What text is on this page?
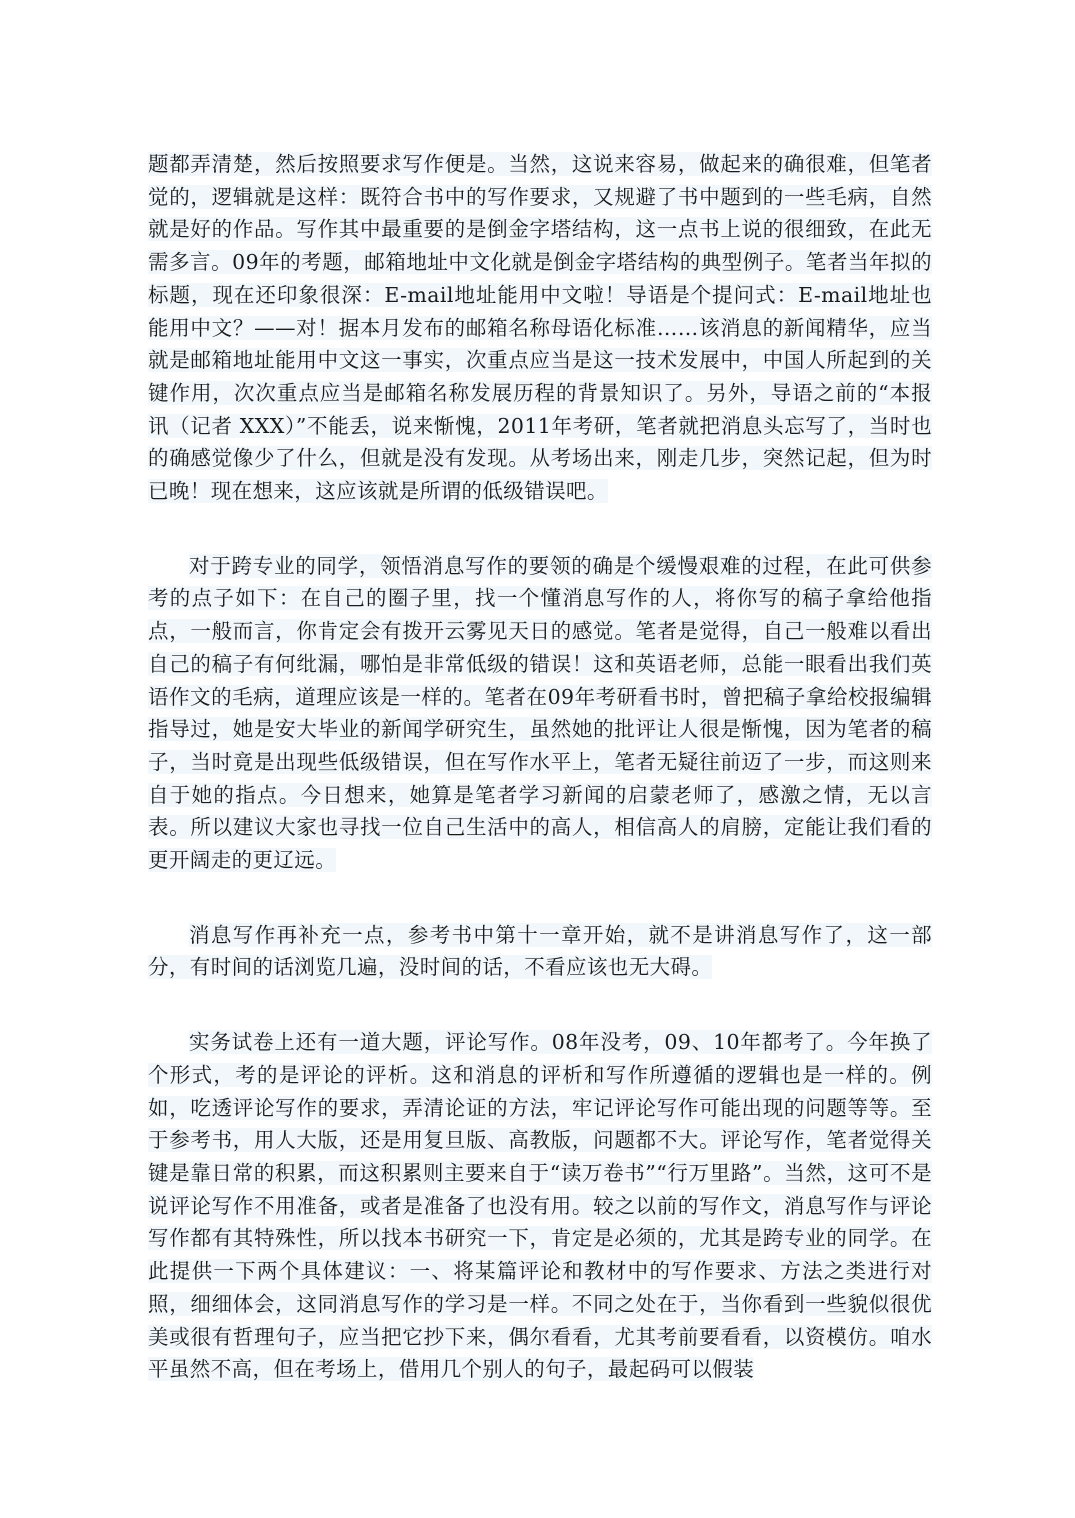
题都弄清楚，然后按照要求写作便是。当然，这说来容易，做起来的确很难，但笔者觉的，逻辑就是这样：既符合书中的写作要求，又规避了书中题到的一些毛病，自然就是好的作品。写作其中最重要的是倒金字塔结构，这一点书上说的很细致，在此无需多言。09年的考题，邮箱地址中文化就是倒金字塔结构的典型例子。笔者当年拟的标题，现在还印象很深：E-mail地址能用中文啦！导语是个提问式：E-mail地址也能用中文？——对！据本月发布的邮箱名称母语化标准……该消息的新闻精华，应当就是邮箱地址能用中文这一事实，次重点应当是这一技术发展中，中国人所起到的关键作用，次次重点应当是邮箱名称发展历程的背景知识了。另外，导语之前的“本报讯（记者 XXX）”不能丢，说来惭愧，2011年考研，笔者就把消息头忘写了，当时也的确感觉像少了什么，但就是没有发现。从考场出来，刚走几步，突然记起，但为时已晚！现在想来，这应该就是所谓的低级错误吧。

对于跨专业的同学，领悟消息写作的要领的确是个缓慢艰难的过程，在此可供参考的点子如下：在自己的圈子里，找一个懂消息写作的人，将你写的稿子拿给他指点，一般而言，你肯定会有拨开云雾见天日的感觉。笔者是觉得，自己一般难以看出自己的稿子有何纰漏，哪怕是非常低级的错误！这和英语老师，总能一眼看出我们英语作文的毛病，道理应该是一样的。笔者在09年考研看书时，曾把稿子拿给校报编辑指导过，她是安大毕业的新闻学研究生，虽然她的批评让人很是惭愧，因为笔者的稿子，当时竟是出现些低级错误，但在写作水平上，笔者无疑往前迈了一步，而这则来自于她的指点。今日想来，她算是笔者学习新闻的启蒙老师了，感激之情，无以言表。所以建议大家也寻找一位自己生活中的高人，相信高人的肩膀，定能让我们看的更开阔走的更辽远。

消息写作再补充一点，参考书中第十一章开始，就不是讲消息写作了，这一部分，有时间的话浏览几遍，没时间的话，不看应该也无大碍。

实务试卷上还有一道大题，评论写作。08年没考，09、10年都考了。今年换了个形式，考的是评论的评析。这和消息的评析和写作所遵循的逻辑也是一样的。例如，吃透评论写作的要求，弄清论证的方法，牢记评论写作可能出现的问题等等。至于参考书，用人大版，还是用复旦版、高教版，问题都不大。评论写作，笔者觉得关键是靠日常的积累，而这积累则主要来自于“读万卷书”“行万里路”。当然，这可不是说评论写作不用准备，或者是准备了也没有用。较之以前的写作文，消息写作与评论写作都有其特殊性，所以找本书研究一下，肯定是必须的，尤其是跨专业的同学。在此提供一下两个具体建议：一、将某篇评论和教材中的写作要求、方法之类进行对照，细细体会，这同消息写作的学习是一样。不同之处在于，当你看到一些貌似很优美或很有哲理句子，应当把它抄下来，偶尔看看，尤其考前要看看，以资模仿。咱水平虽然不高，但在考场上，借用几个别人的句子，最起码可以假装
